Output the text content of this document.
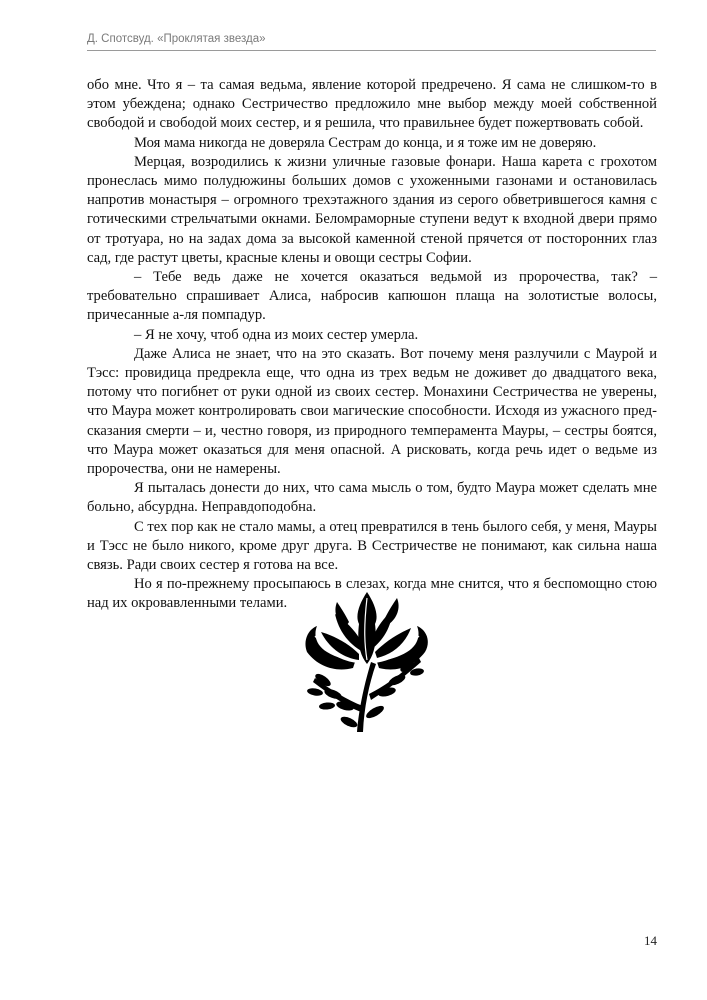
Д. Спотсвуд. «Проклятая звезда»

обо мне. Что я – та самая ведьма, явление которой предречено. Я сама не слишком-то в этом убеждена; однако Сестричество предложило мне выбор между моей собственной свободой и свободой моих сестер, и я решила, что правильнее будет пожертвовать собой.

Моя мама никогда не доверяла Сестрам до конца, и я тоже им не доверяю.

Мерцая, возродились к жизни уличные газовые фонари. Наша карета с грохотом пронеслась мимо полудюжины больших домов с ухоженными газонами и остановилась напротив монастыря – огромного трехэтажного здания из серого обветрившегося камня с готическими стрельчатыми окнами. Беломраморные ступени ведут к входной двери прямо от тротуара, но на задах дома за высокой каменной стеной прячется от посторонних глаз сад, где растут цветы, красные клены и овощи сестры Софии.

– Тебе ведь даже не хочется оказаться ведьмой из пророчества, так? – требовательно спрашивает Алиса, набросив капюшон плаща на золотистые волосы, причесанные а-ля помпадур.

– Я не хочу, чтоб одна из моих сестер умерла.

Даже Алиса не знает, что на это сказать. Вот почему меня разлучили с Маурой и Тэсс: провидица предрекла еще, что одна из трех ведьм не доживет до двадцатого века, потому что погибнет от руки одной из своих сестер. Монахини Сестричества не уверены, что Маура может контролировать свои магические способности. Исходя из ужасного предсказания смерти – и, честно говоря, из природного темперамента Мауры, – сестры боятся, что Маура может оказаться для меня опасной. А рисковать, когда речь идет о ведьме из пророчества, они не намерены.

Я пыталась донести до них, что сама мысль о том, будто Маура может сделать мне больно, абсурдна. Неправдоподобна.

С тех пор как не стало мамы, а отец превратился в тень былого себя, у меня, Мауры и Тэсс не было никого, кроме друг друга. В Сестричестве не понимают, как сильна наша связь. Ради своих сестер я готова на все.

Но я по-прежнему просыпаюсь в слезах, когда мне снится, что я беспомощно стою над их окровавленными телами.

14
